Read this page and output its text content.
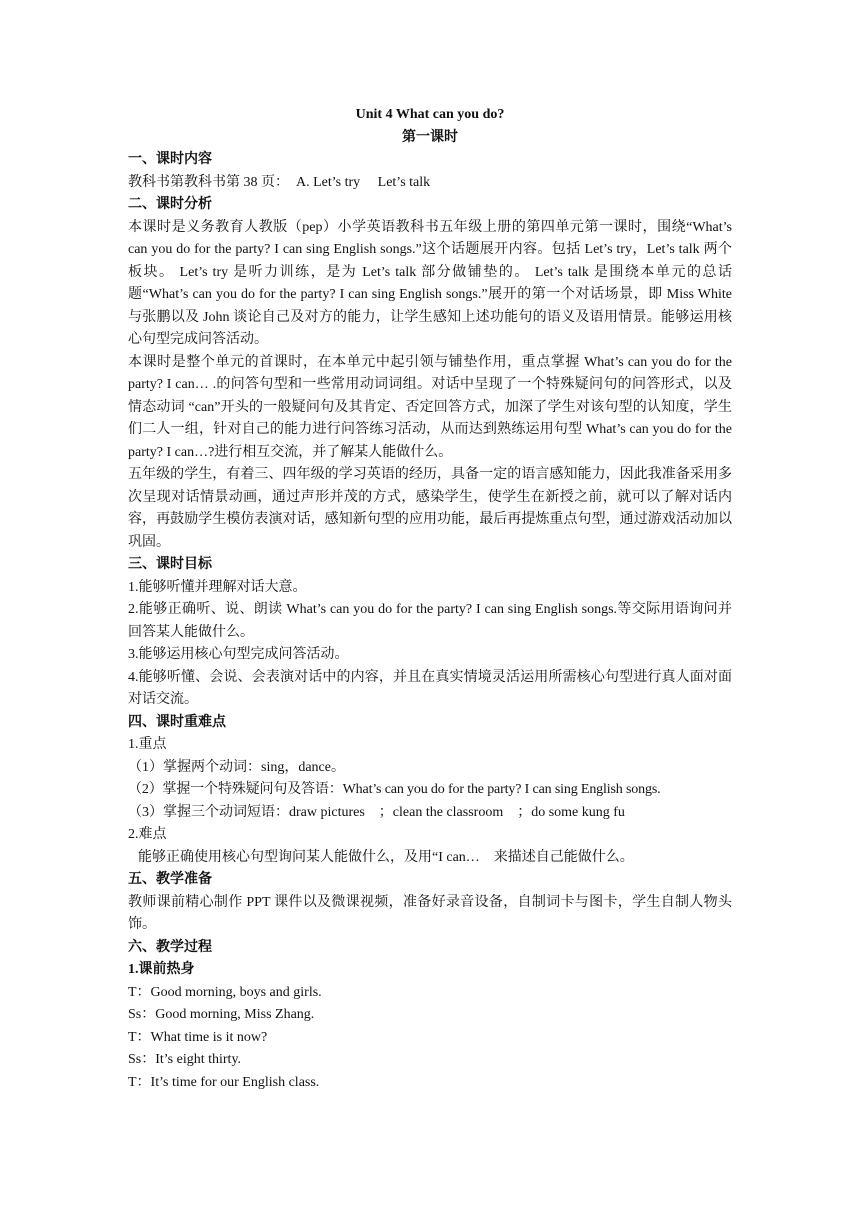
Unit 4 What can you do?

第一课时

一、课时内容

教科书第教科书第 38 页：　A. Let’s try　 Let’s talk

二、课时分析

本课时是义务教育人教版（pep）小学英语教科书五年级上册的第四单元第一课时，围绕“What’s can you do for the party? I can sing English songs.”这个话题展开内容。包括 Let’s try，Let’s talk 两个板块。 Let’s try 是听力训练，是为 Let’s talk 部分做铺垫的。 Let’s talk 是围绕本单元的总话题“What’s can you do for the party? I can sing English songs.”展开的第一个对话场景，即 Miss White 与张鹏以及 John 谈论自己及对方的能力，让学生感知上述功能句的语义及语用情景。能够运用核心句型完成问答活动。

本课时是整个单元的首课时，在本单元中起引领与铺垫作用，重点掌握 What’s can you do for the party? I can… .的问答句型和一些常用动词词组。对话中呈现了一个特殊疑问句的问答形式，以及情态动词 “can”开头的一般疑问句及其肯定、否定回答方式，加深了学生对该句型的认知度，学生们二人一组，针对自己的能力进行问答练习活动，从而达到熟练运用句型 What’s can you do for the party? I can…?进行相互交流，并了解某人能做什么。

五年级的学生，有着三、四年级的学习英语的经历，具备一定的语言感知能力，因此我准备采用多次呈现对话情景动画，通过声形并茂的方式，感染学生，使学生在新授之前，就可以了解对话内容，再鼓励学生模仿表演对话，感知新句型的应用功能，最后再提炼重点句型，通过游戏活动加以巩固。

三、课时目标

1.能够听懂并理解对话大意。

2.能够正确听、说、朗读 What’s can you do for the party? I can sing English songs.等交际用语询问并回答某人能做什么。

3.能够运用核心句型完成问答活动。

4.能够听懂、会说、会表演对话中的内容，并且在真实情境灵活运用所需核心句型进行真人面对面对话交流。

四、课时重难点

1.重点

（1）掌握两个动词：sing，dance。

（2）掌握一个特殊疑问句及答语：What’s can you do for the party? I can sing English songs.

（3）掌握三个动词短语：draw pictures　；clean the classroom　；do some kung fu

2.难点

能够正确使用核心句型询问某人能做什么，及用“I can…　来描述自己能做什么。

五、教学准备

教师课前精心制作 PPT 课件以及微课视频，准备好录音设备，自制词卡与图卡，学生自制人物头饰。

六、教学过程

1.课前热身

T：Good morning, boys and girls.

Ss：Good morning, Miss Zhang.

T：What time is it now?

Ss：It’s eight thirty.

T：It’s time for our English class.
